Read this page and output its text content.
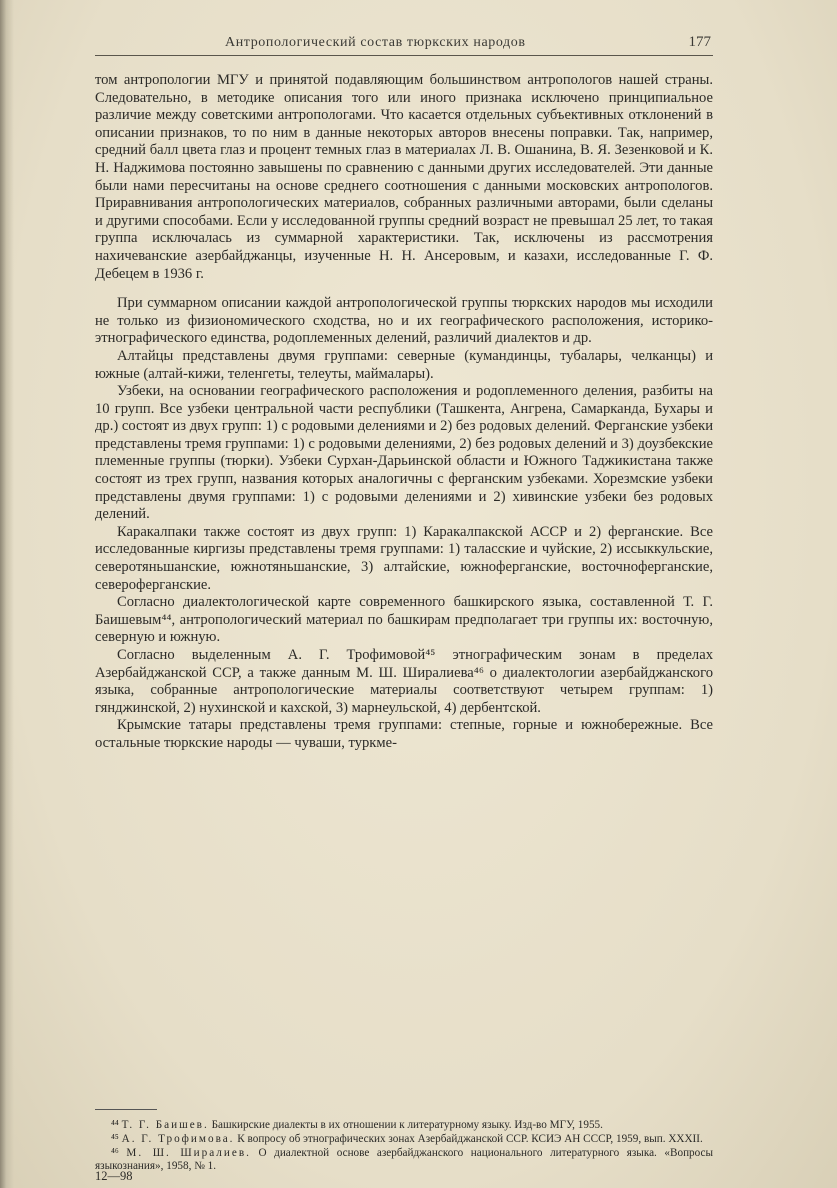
Антропологический состав тюркских народов	177

том антропологии МГУ и принятой подавляющим большинством антропологов нашей страны. Следовательно, в методике описания того или иного признака исключено принципиальное различие между советскими антропологами. Что касается отдельных субъективных отклонений в описании признаков, то по ним в данные некоторых авторов внесены поправки. Так, например, средний балл цвета глаз и процент темных глаз в материалах Л. В. Ошанина, В. Я. Зезенковой и К. Н. Наджимова постоянно завышены по сравнению с данными других исследователей. Эти данные были нами пересчитаны на основе среднего соотношения с данными московских антропологов. Приравнивания антропологических материалов, собранных различными авторами, были сделаны и другими способами. Если у исследованной группы средний возраст не превышал 25 лет, то такая группа исключалась из суммарной характеристики. Так, исключены из рассмотрения нахичеванские азербайджанцы, изученные Н. Н. Ансеровым, и казахи, исследованные Г. Ф. Дебецем в 1936 г.

При суммарном описании каждой антропологической группы тюркских народов мы исходили не только из физиономического сходства, но и их географического расположения, историко-этнографического единства, родоплеменных делений, различий диалектов и др.

Алтайцы представлены двумя группами: северные (кумандинцы, тубалары, челканцы) и южные (алтай-кижи, теленгеты, телеуты, маймалары).

Узбеки, на основании географического расположения и родоплеменного деления, разбиты на 10 групп. Все узбеки центральной части республики (Ташкента, Ангрена, Самарканда, Бухары и др.) состоят из двух групп: 1) с родовыми делениями и 2) без родовых делений. Ферганские узбеки представлены тремя группами: 1) с родовыми делениями, 2) без родовых делений и 3) доузбекские племенные группы (тюрки). Узбеки Сурхан-Дарьинской области и Южного Таджикистана также состоят из трех групп, названия которых аналогичны с ферганским узбеками. Хорезмские узбеки представлены двумя группами: 1) с родовыми делениями и 2) хивинские узбеки без родовых делений.

Каракалпаки также состоят из двух групп: 1) Каракалпакской АССР и 2) ферганские. Все исследованные киргизы представлены тремя группами: 1) таласские и чуйские, 2) иссыккульские, северотяньшанские, южнотяньшанские, 3) алтайские, южноферганские, восточноферганские, североферганские.

Согласно диалектологической карте современного башкирского языка, составленной Т. Г. Баишевым⁴⁴, антропологический материал по башкирам предполагает три группы их: восточную, северную и южную.

Согласно выделенным А. Г. Трофимовой⁴⁵ этнографическим зонам в пределах Азербайджанской ССР, а также данным М. Ш. Ширалиева⁴⁶ о диалектологии азербайджанского языка, собранные антропологические материалы соответствуют четырем группам: 1) гянджинской, 2) нухинской и кахской, 3) марнеульской, 4) дербентской.

Крымские татары представлены тремя группами: степные, горные и южнобережные. Все остальные тюркские народы — чуваши, туркме-

⁴⁴ Т. Г. Баишев. Башкирские диалекты в их отношении к литературному языку. Изд-во МГУ, 1955.

⁴⁵ А. Г. Трофимова. К вопросу об этнографических зонах Азербайджанской ССР. КСИЭ АН СССР, 1959, вып. XXXII.

⁴⁶ М. Ш. Ширалиев. О диалектной основе азербайджанского национального литературного языка. «Вопросы языкознания», 1958, № 1.

12—98
